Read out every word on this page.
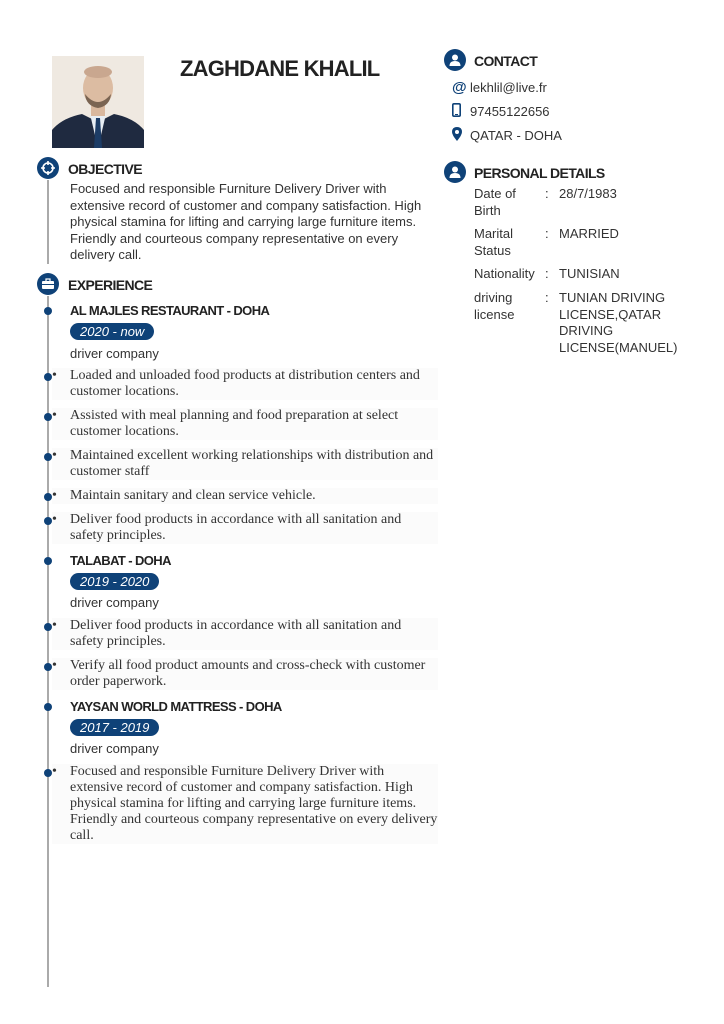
ZAGHDANE KHALIL
OBJECTIVE
Focused and responsible Furniture Delivery Driver with extensive record of customer and company satisfaction. High physical stamina for lifting and carrying large furniture items. Friendly and courteous company representative on every delivery call.
EXPERIENCE
AL MAJLES RESTAURANT - DOHA
2020 - now
driver company
• Loaded and unloaded food products at distribution centers and customer locations.
• Assisted with meal planning and food preparation at select customer locations.
• Maintained excellent working relationships with distribution and customer staff
• Maintain sanitary and clean service vehicle.
• Deliver food products in accordance with all sanitation and safety principles.
TALABAT - DOHA
2019 - 2020
driver company
• Deliver food products in accordance with all sanitation and safety principles.
• Verify all food product amounts and cross-check with customer order paperwork.
YAYSAN WORLD MATTRESS - DOHA
2017 - 2019
driver company
• Focused and responsible Furniture Delivery Driver with extensive record of customer and company satisfaction. High physical stamina for lifting and carrying large furniture items. Friendly and courteous company representative on every delivery call.
CONTACT
@ lekhlil@live.fr
97455122656
QATAR - DOHA
PERSONAL DETAILS
Date of Birth
: 28/7/1983
Marital Status
: MARRIED
Nationality : TUNISIAN
driving license
: TUNIAN DRIVING LICENSE,QATAR DRIVING LICENSE(MANUEL)
